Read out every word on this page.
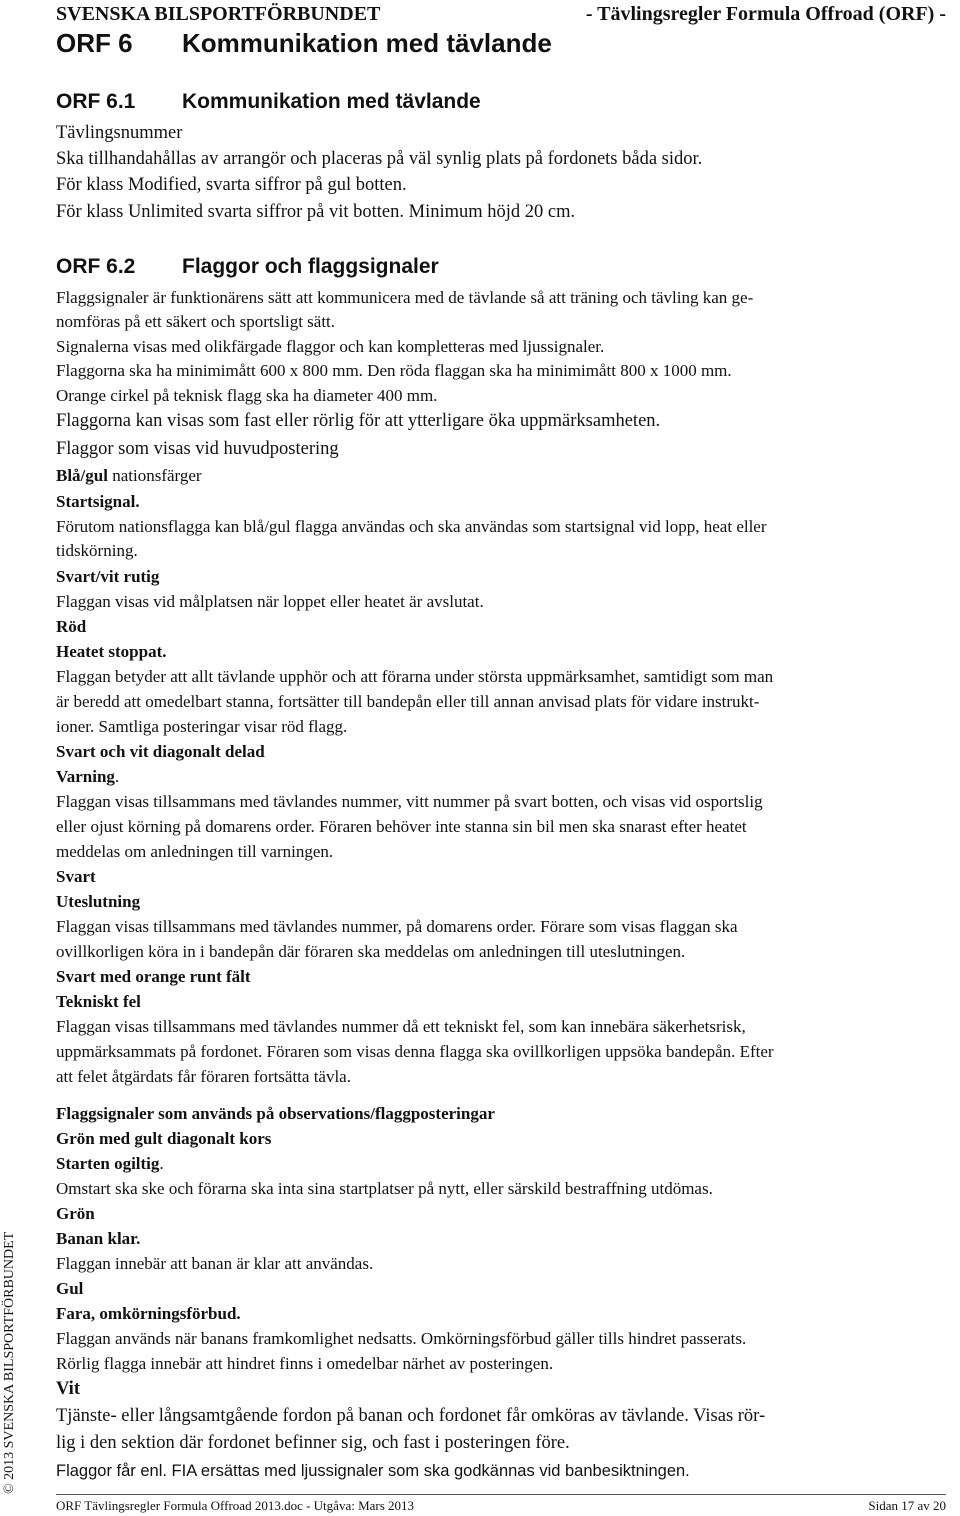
SVENSKA BILSPORTFÖRBUNDET	- Tävlingsregler Formula Offroad (ORF) -
ORF 6 Kommunikation med tävlande
ORF 6.1 Kommunikation med tävlande
ORF 6.2 Flaggor och flaggsignaler
Tävlingsnummer
Ska tillhandahållas av arrangör och placeras på väl synlig plats på fordonets båda sidor.
För klass Modified, svarta siffror på gul botten.
För klass Unlimited svarta siffror på vit botten. Minimum höjd 20 cm.
Flaggsignaler är funktionärens sätt att kommunicera med de tävlande så att träning och tävling kan ge-
nomföras på ett säkert och sportsligt sätt.
Signalerna visas med olikfärgade flaggor och kan kompletteras med ljussignaler.
Flaggorna ska ha minimimått 600 x 800 mm. Den röda flaggan ska ha minimimått 800 x 1000 mm.
Orange cirkel på teknisk flagg ska ha diameter 400 mm.
Flaggorna kan visas som fast eller rörlig för att ytterligare öka uppmärksamheten.
Flaggor som visas vid huvudpostering
Blå/gul nationsfärger
Startsignal.
Förutom nationsflagga kan blå/gul flagga användas och ska användas som startsignal vid lopp, heat eller
tidskörning.
Svart/vit rutig
Flaggan visas vid målplatsen när loppet eller heatet är avslutat.
Röd
Heatet stoppat.
Flaggan betyder att allt tävlande upphör och att förarna under största uppmärksamhet, samtidigt som man
är beredd att omedelbart stanna, fortsätter till bandepån eller till annan anvisad plats för vidare instrukt-
ioner. Samtliga posteringar visar röd flagg.
Svart och vit diagonalt delad
Varning.
Flaggan visas tillsammans med tävlandes nummer, vitt nummer på svart botten, och visas vid osportslig
eller ojust körning på domarens order. Föraren behöver inte stanna sin bil men ska snarast efter heatet
meddelas om anledningen till varningen.
Svart
Uteslutning
Flaggan visas tillsammans med tävlandes nummer, på domarens order. Förare som visas flaggan ska
ovillkorligen köra in i bandepån där föraren ska meddelas om anledningen till uteslutningen.
Svart med orange runt fält
Tekniskt fel
Flaggan visas tillsammans med tävlandes nummer då ett tekniskt fel, som kan innebära säkerhetsrisk,
uppmärksammats på fordonet. Föraren som visas denna flagga ska ovillkorligen uppsöka bandepån. Efter
att felet åtgärdats får föraren fortsätta tävla.
Flaggsignaler som används på observations/flaggposteringar
Grön med gult diagonalt kors
Starten ogiltig.
Omstart ska ske och förarna ska inta sina startplatser på nytt, eller särskild bestraffning utdömas.
Grön
Banan klar.
Flaggan innebär att banan är klar att användas.
Gul
Fara, omkörningsförbud.
Flaggan används när banans framkomlighet nedsatts. Omkörningsförbud gäller tills hindret passerats.
Rörlig flagga innebär att hindret finns i omedelbar närhet av posteringen.
Vit
Tjänste- eller långsamtgående fordon på banan och fordonet får omköras av tävlande. Visas rör-
lig i den sektion där fordonet befinner sig, och fast i posteringen före.
Flaggor får enl. FIA ersättas med ljussignaler som ska godkännas vid banbesiktningen.
ORF Tävlingsregler Formula Offroad 2013.doc - Utgåva: Mars 2013	Sidan 17 av 20
© 2013 SVENSKA BILSPORTFÖRBUNDET
